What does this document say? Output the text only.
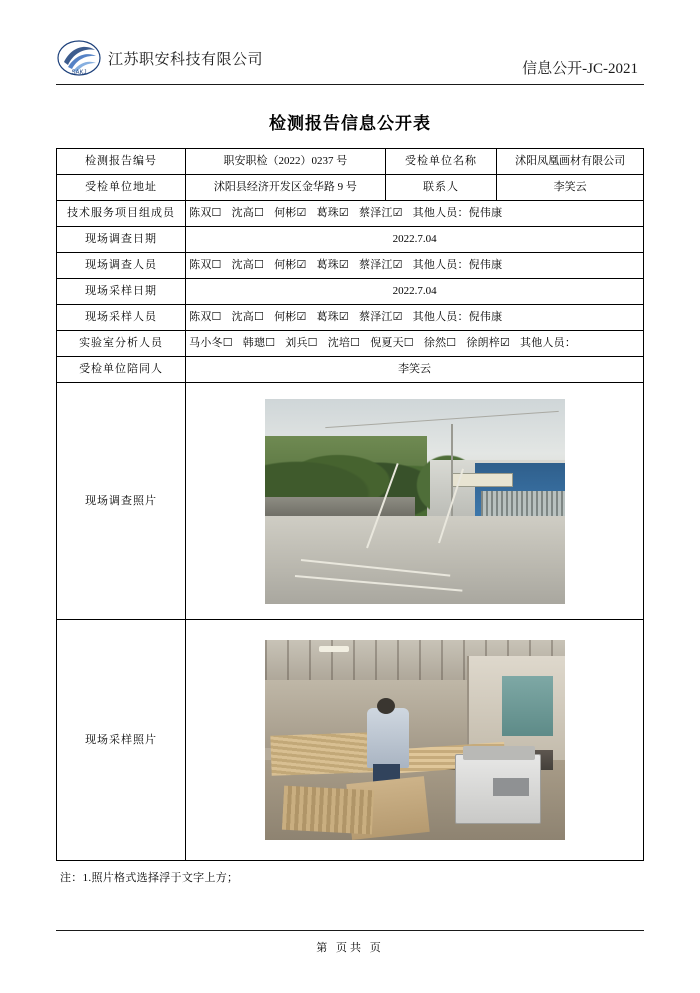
SAKJ
江苏职安科技有限公司
信息公开-JC-2021
检测报告信息公开表
检测报告编号	职安职检（2022）0237 号	受检单位名称	沭阳凤凰画材有限公司
受检单位地址	沭阳县经济开发区金华路 9 号	联系人	李笑云
技术服务项目组成员	陈双☐ 沈高☐ 何彬☑ 葛珠☑ 蔡泽江☑ 其他人员：倪伟康		
现场调查日期	2022.7.04		
现场调查人员	陈双☐ 沈高☐ 何彬☑ 葛珠☑ 蔡泽江☑ 其他人员：倪伟康		
现场采样日期	2022.7.04		
现场采样人员	陈双☐ 沈高☐ 何彬☑ 葛珠☑ 蔡泽江☑ 其他人员：倪伟康		
实验室分析人员	马小冬☐ 韩璁☐ 刘兵☐ 沈培☐ 倪夏天☐ 徐然☐ 徐朗梓☑ 其他人员：		
受检单位陪同人	李笑云		
现场调查照片			

现场采样照片			
注：1.照片格式选择浮于文字上方；
第 页共 页
